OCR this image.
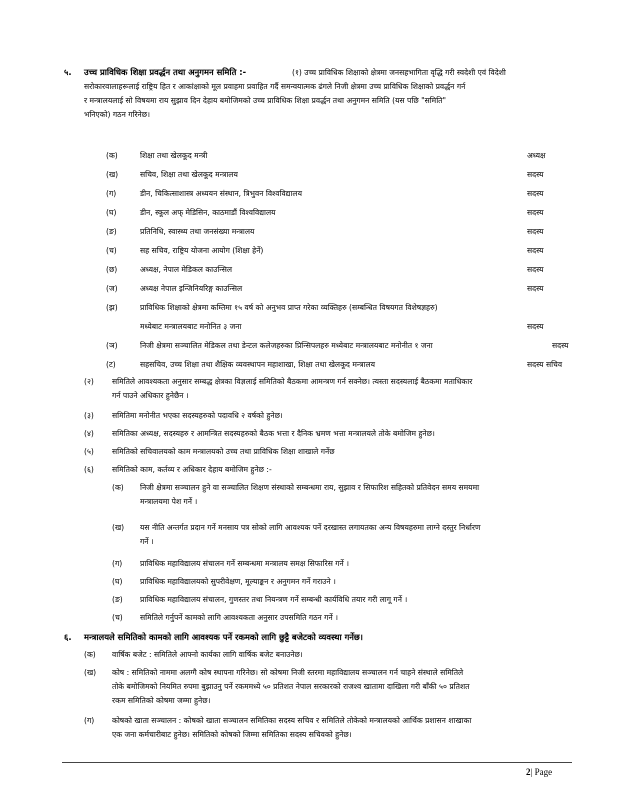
५. उच्च प्राविधिक शिक्षा प्रवर्द्धन तथा अनुगमन समिति :-	(१) उच्च प्राविधिक शिक्षाको क्षेत्रमा जनसहभागिता वृद्धि गरी स्वदेशी एवं विदेशी
सरोकारवालाहरूलाई राष्ट्रिय हित र आकांक्षाको मूल प्रवाहमा प्रवाहित गर्दै समन्वयात्मक ढंगले निजी क्षेत्रमा उच्च प्राविधिक शिक्षाको प्रवर्द्धन गर्न
र मन्त्रालयलाई सो विषयमा राय सुझाव दिन देहाय बमोजिमको उच्च प्राविधिक शिक्षा प्रवर्द्धन तथा अनुगमन समिति (यस पछि "समिति"
भनिएको) गठन गरिनेछ।
(क)	शिक्षा तथा खेलकूद मन्त्री	अध्यक्ष
(ख)	सचिव, शिक्षा तथा खेलकूद मन्त्रालय	सदस्य
(ग)	डीन, चिकित्साशास्त्र अध्ययन संस्थान, त्रिभुवन विश्वविद्यालय	सदस्य
(घ)	डीन, स्कूल अफ् मेडिसिन, काठमाडौं विश्वविद्यालय	सदस्य
(ङ)	प्रतिनिधि, स्वास्थ्य तथा जनसंख्या मन्त्रालय	सदस्य
(च)	सह सचिव, राष्ट्रिय योजना आयोग (शिक्षा हेर्ने)	सदस्य
(छ)	अध्यक्ष, नेपाल मेडिकल काउन्सिल	सदस्य
(ज)	अध्यक्ष नेपाल इन्जिनियरिङ्ग काउन्सिल	सदस्य
(झ)	प्राविधिक शिक्षाको क्षेत्रमा कम्तिमा १५ वर्ष को अनुभव प्राप्त गरेका व्यक्तिहरु (सम्बन्धित विषयगत विशेषज्ञहरु)
मध्येबाट मन्त्रालयबाट मनोनित ३ जना	सदस्य
(ञ)	निजी क्षेत्रमा सञ्चालित मेडिकल तथा डेन्टल कलेजहरुका प्रिन्सिपलहरु मध्येबाट मन्त्रालयबाट मनोनीत १ जना	सदस्य
(ट)	सहसचिव, उच्च शिक्षा तथा शैक्षिक व्यवस्थापन महाशाखा, शिक्षा तथा खेलकूद मन्त्रालय	सदस्य सचिव
(२) समितिले आवश्यकता अनुसार सम्बद्ध क्षेत्रका विज्ञलाई समितिको बैठकमा आमन्त्रण गर्न सक्नेछ। त्यस्ता सदस्यलाई बैठकमा मताधिकार
गर्न पाउने अधिकार हुनेछैन ।
(३) समितिमा मनोनीत भएका सदस्यहरुको पदावधि २ वर्षको हुनेछ।
(४) समितिका अध्यक्ष, सदस्यहरु र आमन्त्रित सदस्यहरुको बैठक भत्ता र दैनिक भ्रमण भत्ता मन्त्रालयले तोके बमोजिम हुनेछ।
(५) समितिको सचिवालयको काम मन्त्रालयको उच्च तथा प्राविधिक शिक्षा शाखाले गर्नेछ
(६) समितिको काम, कर्तव्य र अधिकार देहाय बमोजिम हुनेछ :-
(क) निजी क्षेत्रमा सञ्चालन हुने वा सञ्चालित शिक्षण संस्थाको सम्बन्धमा राय, सुझाव र सिफारिश सहितको प्रतिवेदन समय समयमा
मन्त्रालयमा पेश गर्ने ।
(ख) यस नीति अन्तर्गत प्रदान गर्ने मनसाय पत्र सोको लागि आवश्यक पर्ने दरखास्त लगायतका अन्य विषयहरुमा लाग्ने दस्तुर निर्धारण
गर्ने ।
(ग) प्राविधिक महाविद्यालय संचालन गर्ने सम्बन्धमा मन्त्रालय समक्ष सिफारिस गर्ने ।
(घ) प्राविधिक महाविद्यालयको सुपरीवेक्षण, मूल्याङ्कन र अनुगमन गर्ने गराउने ।
(ङ) प्राविधिक महाविद्यालय संचालन, गुणस्तर तथा नियन्त्रण गर्ने सम्बन्धी कार्यविधि तयार गरी लागू गर्ने ।
(च) समितिले गर्नुपर्ने कामको लागि आवश्यकता अनुसार उपसमिति गठन गर्ने ।
६. मन्त्रालयले समितिको कामको लागि आवश्यक पर्ने रकमको लागि छुट्टै बजेटको व्यवस्था गर्नेछ।
(क) वार्षिक बजेट : समितिले आफ्नो कार्यका लागि वार्षिक बजेट बनाउनेछ।
(ख) कोष : समितिको नाममा अलग्गै कोष स्थापना गरिनेछ। सो कोषमा निजी स्तरमा महाविद्यालय सञ्चालन गर्न चाहने संस्थाले समितिले
तोके बमोजिमको नियमित रुपमा बुझाउनु पर्ने रकममध्ये ५० प्रतिशत नेपाल सरकारको राजश्व खातामा दाखिला गरी बाँकी ५० प्रतिशत
रकम समितिको कोषमा जम्मा हुनेछ।
(ग) कोषको खाता सञ्चालन : कोषको खाता सञ्चालन समितिका सदस्य सचिव र समितिले तोकेको मन्त्रालयको आर्थिक प्रशासन शाखाका
एक जना कर्मचारीबाट हुनेछ। समितिको कोषको जिम्मा समितिका सदस्य सचिवको हुनेछ।
2| Page
